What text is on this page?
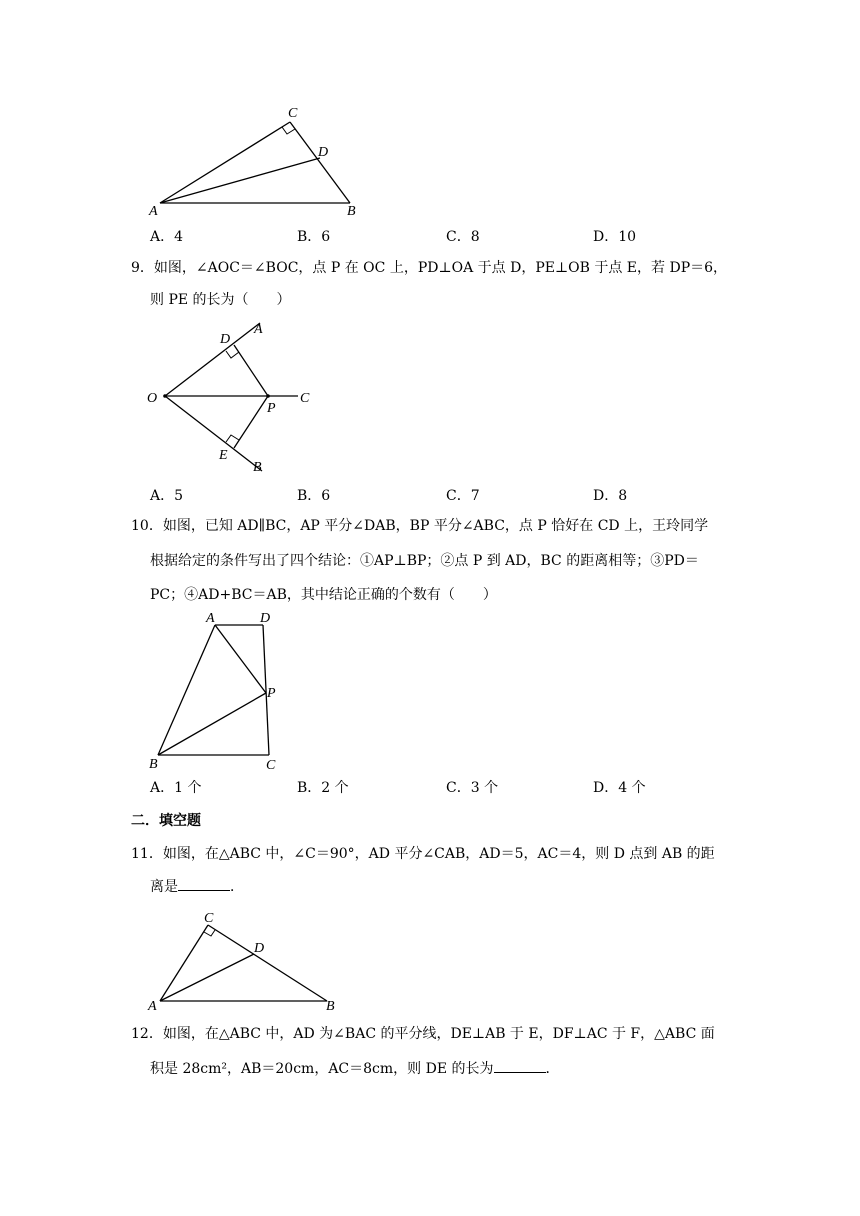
C
D
A	B
A．4	B．6	C．8	D．10
9．如图，∠AOC＝∠BOC，点 P 在 OC 上，PD⊥OA 于点 D，PE⊥OB 于点 E，若 DP＝6，
则 PE 的长为（　　）
D
A
O
P
C
E
B
A．5	B．6	C．7	D．8
10．如图，已知 AD∥BC，AP 平分∠DAB，BP 平分∠ABC，点 P 恰好在 CD 上，王玲同学
根据给定的条件写出了四个结论：①AP⊥BP；②点 P 到 AD，BC 的距离相等；③PD＝
PC；④AD+BC＝AB，其中结论正确的个数有（　　）
A	D
P
B	C
A．1 个	B．2 个	C．3 个	D．4 个
二．填空题
11．如图，在△ABC 中，∠C＝90°，AD 平分∠CAB，AD＝5，AC＝4，则 D 点到 AB 的距
离是	．
C
D
A	B
12．如图，在△ABC 中，AD 为∠BAC 的平分线，DE⊥AB 于 E，DF⊥AC 于 F，△ABC 面
积是 28cm²，AB＝20cm，AC＝8cm，则 DE 的长为	．
